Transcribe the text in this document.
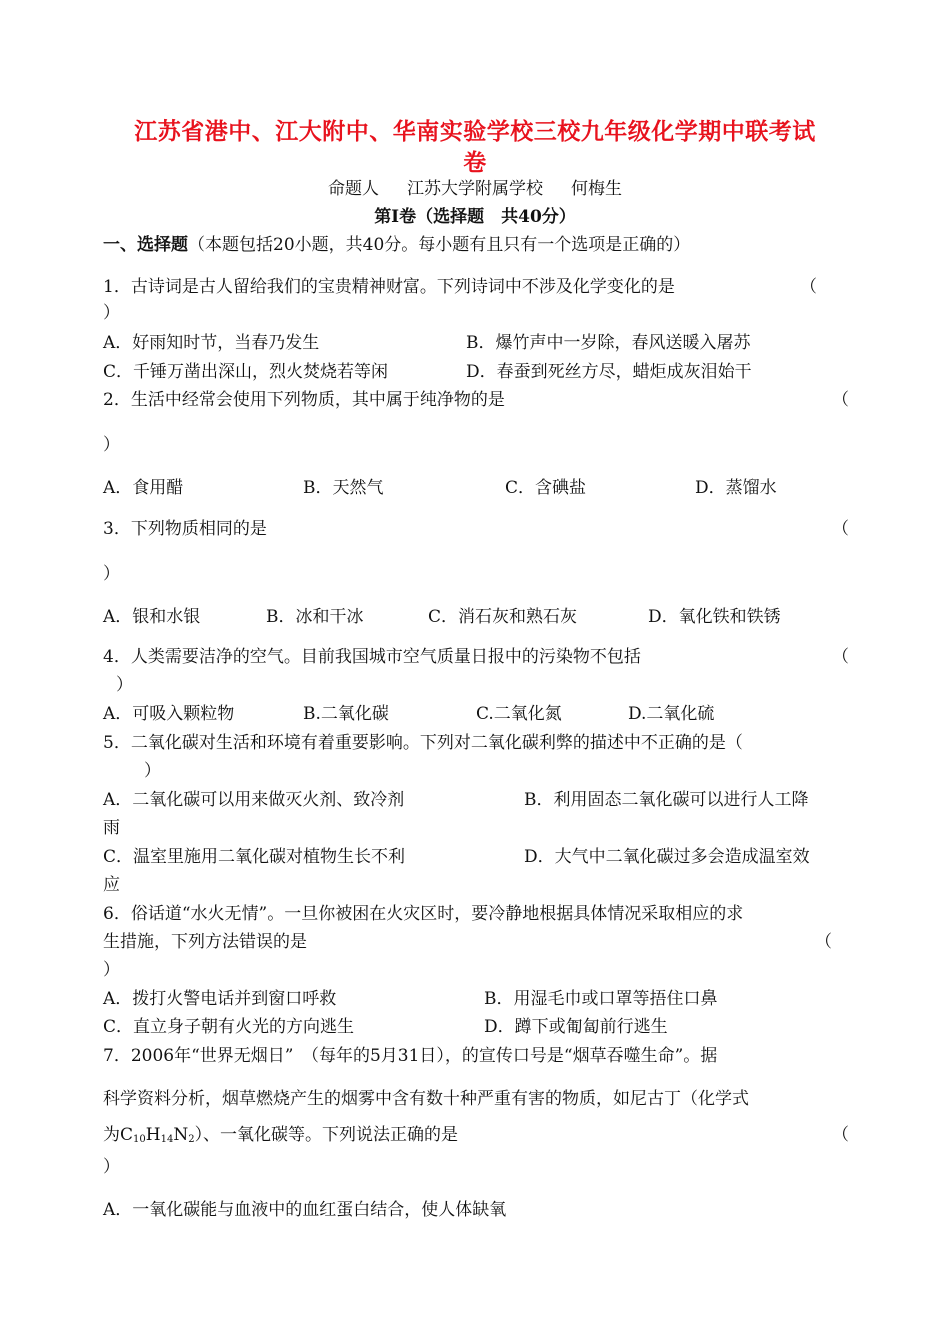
江苏省港中、江大附中、华南实验学校三校九年级化学期中联考试
卷
命题人 江苏大学附属学校 何梅生
第Ⅰ卷（选择题　共40分）
一、选择题（本题包括20小题，共40分。每小题有且只有一个选项是正确的）
1．古诗词是古人留给我们的宝贵精神财富。下列诗词中不涉及化学变化的是	（
）
A．好雨知时节，当春乃发生	B．爆竹声中一岁除，春风送暖入屠苏
C．千锤万凿出深山，烈火焚烧若等闲	D．春蚕到死丝方尽，蜡炬成灰泪始干
2．生活中经常会使用下列物质，其中属于纯净物的是	（
）
A．食用醋	B．天然气	C．含碘盐	D．蒸馏水
3．下列物质相同的是	（
）
A．银和水银	B．冰和干冰	C．消石灰和熟石灰	D．氧化铁和铁锈
4．人类需要洁净的空气。目前我国城市空气质量日报中的污染物不包括	（
）
A．可吸入颗粒物	B.二氧化碳	C.二氧化氮	D.二氧化硫
5．二氧化碳对生活和环境有着重要影响。下列对二氧化碳利弊的描述中不正确的是（
）
A．二氧化碳可以用来做灭火剂、致冷剂	B．利用固态二氧化碳可以进行人工降
雨
C．温室里施用二氧化碳对植物生长不利	D．大气中二氧化碳过多会造成温室效
应
6．俗话道“水火无情”。一旦你被困在火灾区时，要冷静地根据具体情况采取相应的求
生措施，下列方法错误的是	（
）
A．拨打火警电话并到窗口呼救	B．用湿毛巾或口罩等捂住口鼻
C．直立身子朝有火光的方向逃生	D．蹲下或匍匐前行逃生
7．2006年“世界无烟日”　（每年的5月31日），的宣传口号是“烟草吞噬生命”。据
科学资料分析，烟草燃烧产生的烟雾中含有数十种严重有害的物质，如尼古丁（化学式
为$C_{10}H_{14}N_2$）、一氧化碳等。下列说法正确的是	（
）
A．一氧化碳能与血液中的血红蛋白结合，使人体缺氧
